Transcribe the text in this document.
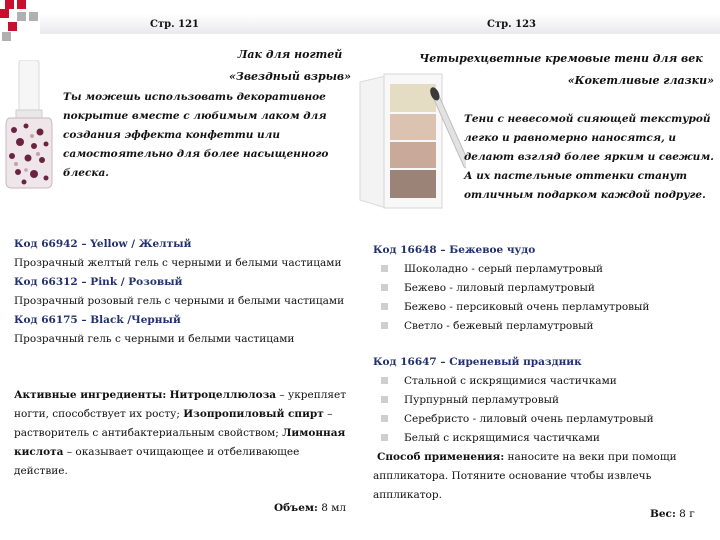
Стр. 121	Стр. 123
Лак для ногтей
«Звездный взрыв»
Ты можешь использовать декоративное
покрытие вместе с любимым лаком для
создания эффекта конфетти или
самостоятельно для более насыщенного
блеска.
Код 66942 – Yellow / Желтый
Прозрачный желтый гель с черными и белыми частицами
Код 66312 – Pink / Розовый
Прозрачный розовый гель с черными и белыми частицами
Код 66175 – Black /Черный
Прозрачный гель с черными и белыми частицами
Активные ингредиенты: Нитроцеллюлоза – укрепляет
ногти, способствует их росту; Изопропиловый спирт –
растворитель с антибактериальным свойством; Лимонная
кислота – оказывает очищающее и отбеливающее
действие.
Объем: 8 мл
Четырехцветные кремовые тени для век
«Кокетливые глазки»
Тени с невесомой сияющей текстурой
легко и равномерно наносятся, и
делают взгляд более ярким и свежим.
А их пастельные оттенки станут
отличным подарком каждой подруге.
Код 16648 – Бежевое чудо
Шоколадно - серый перламутровый
Бежево - лиловый перламутровый
Бежево - персиковый очень перламутровый
Светло - бежевый перламутровый
Код 16647 – Сиреневый праздник
Стальной с искрящимися частичками
Пурпурный перламутровый
Серебристо - лиловый очень перламутровый
Белый с искрящимися частичками
Способ применения: наносите на веки при помощи
аппликатора. Потяните основание чтобы извлечь
аппликатор.
Вес: 8 г
